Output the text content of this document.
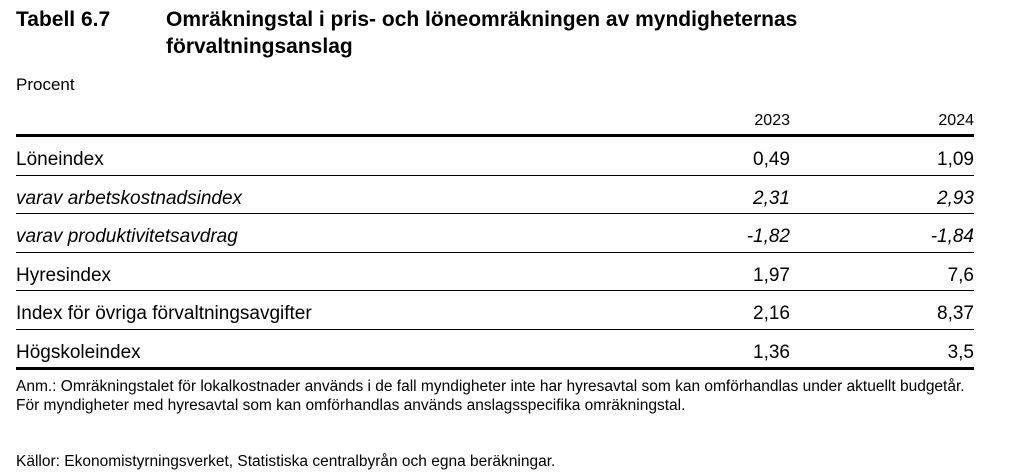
Tabell 6.7	Omräkningstal i pris- och löneomräkningen av myndigheternas förvaltningsanslag
Procent
2023	2024
Löneindex	0,49	1,09
varav arbetskostnadsindex	2,31	2,93
varav produktivitetsavdrag	-1,82	-1,84
Hyresindex	1,97	7,6
Index för övriga förvaltningsavgifter	2,16	8,37
Högskoleindex	1,36	3,5
Anm.: Omräkningstalet för lokalkostnader används i de fall myndigheter inte har hyresavtal som kan omförhandlas under aktuellt budgetår. För myndigheter med hyresavtal som kan omförhandlas används anslagsspecifika omräkningstal.
Källor: Ekonomistyrningsverket, Statistiska centralbyrån och egna beräkningar.
